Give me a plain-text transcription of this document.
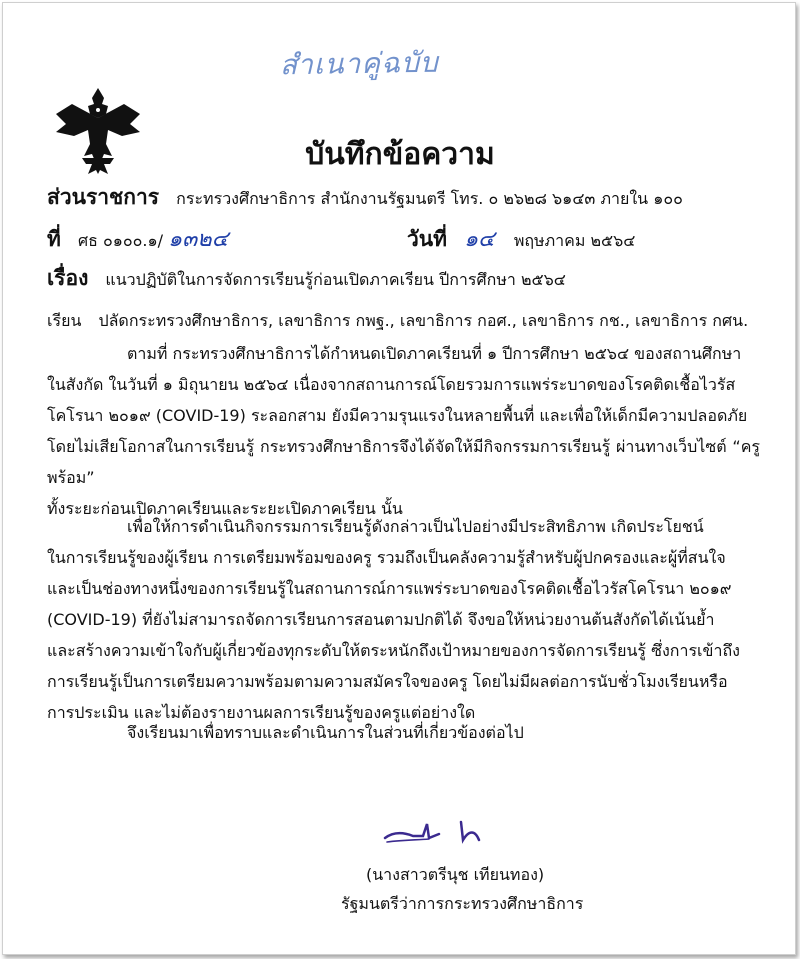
สำเนาคู่ฉบับ
บันทึกข้อความ
ส่วนราชการ กระทรวงศึกษาธิการ สำนักงานรัฐมนตรี โทร. ๐ ๒๖๒๘ ๖๑๔๓ ภายใน ๑๐๐
ที่ ศธ ๐๑๐๐.๑/ ๑๓๒๔	วันที่ ๑๔ พฤษภาคม ๒๕๖๔
เรื่อง แนวปฏิบัติในการจัดการเรียนรู้ก่อนเปิดภาคเรียน ปีการศึกษา ๒๕๖๔
เรียน ปลัดกระทรวงศึกษาธิการ, เลขาธิการ กพฐ., เลขาธิการ กอศ., เลขาธิการ กช., เลขาธิการ กศน.
ตามที่ กระทรวงศึกษาธิการได้กำหนดเปิดภาคเรียนที่ ๑ ปีการศึกษา ๒๕๖๔ ของสถานศึกษา
ในสังกัด ในวันที่ ๑ มิถุนายน ๒๕๖๔ เนื่องจากสถานการณ์โดยรวมการแพร่ระบาดของโรคติดเชื้อไวรัส
โคโรนา ๒๐๑๙ (COVID-19) ระลอกสาม ยังมีความรุนแรงในหลายพื้นที่ และเพื่อให้เด็กมีความปลอดภัย
โดยไม่เสียโอกาสในการเรียนรู้ กระทรวงศึกษาธิการจึงได้จัดให้มีกิจกรรมการเรียนรู้ ผ่านทางเว็บไซต์ “ครูพร้อม”
ทั้งระยะก่อนเปิดภาคเรียนและระยะเปิดภาคเรียน นั้น
เพื่อให้การดำเนินกิจกรรมการเรียนรู้ดังกล่าวเป็นไปอย่างมีประสิทธิภาพ เกิดประโยชน์
ในการเรียนรู้ของผู้เรียน การเตรียมพร้อมของครู รวมถึงเป็นคลังความรู้สำหรับผู้ปกครองและผู้ที่สนใจ
และเป็นช่องทางหนึ่งของการเรียนรู้ในสถานการณ์การแพร่ระบาดของโรคติดเชื้อไวรัสโคโรนา ๒๐๑๙
(COVID-19) ที่ยังไม่สามารถจัดการเรียนการสอนตามปกติได้ จึงขอให้หน่วยงานต้นสังกัดได้เน้นย้ำ
และสร้างความเข้าใจกับผู้เกี่ยวข้องทุกระดับให้ตระหนักถึงเป้าหมายของการจัดการเรียนรู้ ซึ่งการเข้าถึง
การเรียนรู้เป็นการเตรียมความพร้อมตามความสมัครใจของครู โดยไม่มีผลต่อการนับชั่วโมงเรียนหรือ
การประเมิน และไม่ต้องรายงานผลการเรียนรู้ของครูแต่อย่างใด
จึงเรียนมาเพื่อทราบและดำเนินการในส่วนที่เกี่ยวข้องต่อไป
(นางสาวตรีนุช เทียนทอง)
รัฐมนตรีว่าการกระทรวงศึกษาธิการ
